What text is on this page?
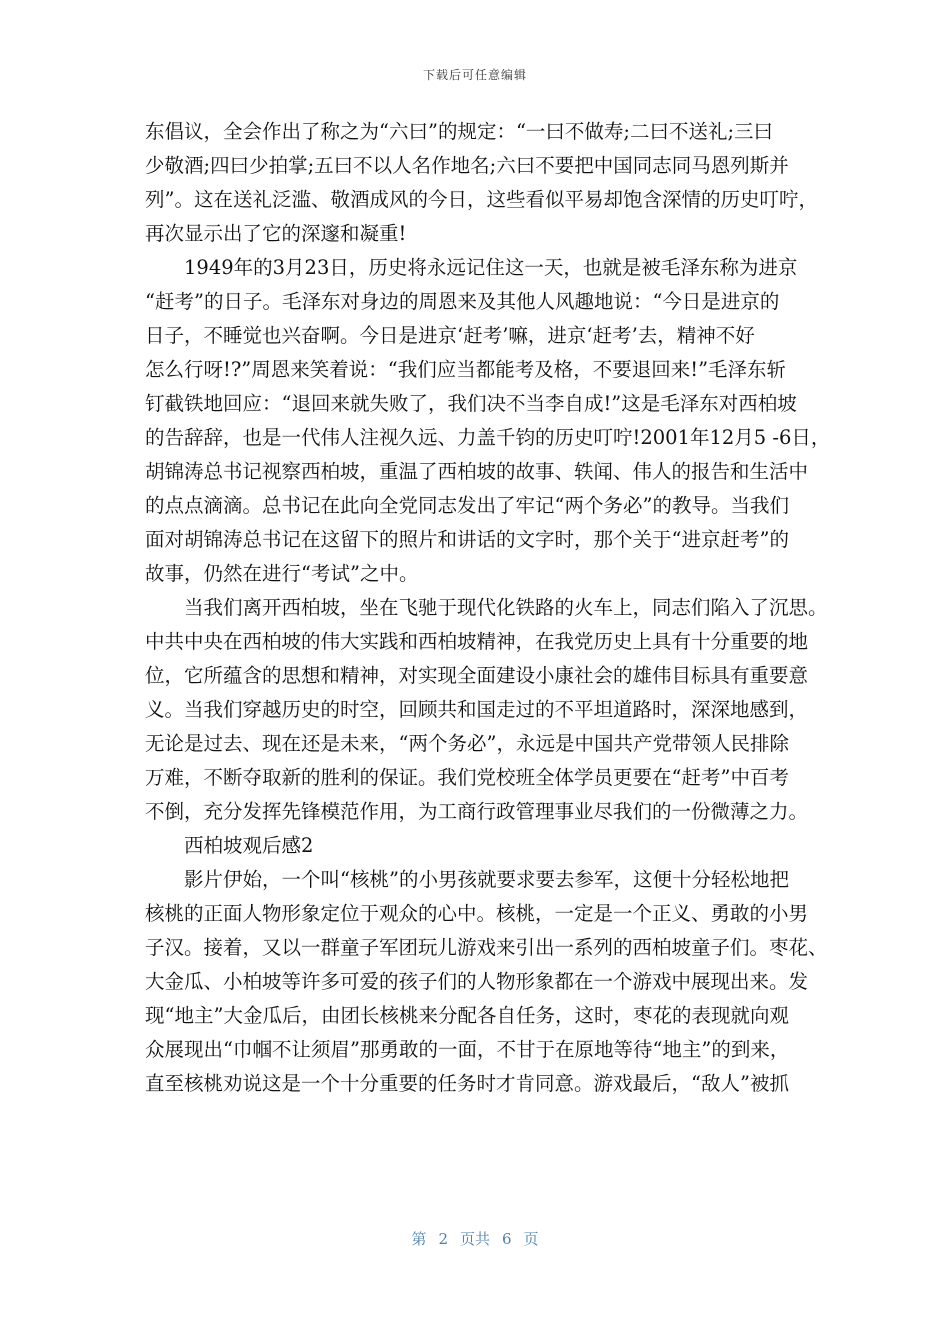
下载后可任意编辑
东倡议，全会作出了称之为“六曰”的规定：“一曰不做寿;二曰不送礼;三曰
少敬酒;四曰少拍掌;五曰不以人名作地名;六曰不要把中国同志同马恩列斯并
列”。这在送礼泛滥、敬酒成风的今日，这些看似平易却饱含深情的历史叮咛，
再次显示出了它的深邃和凝重!
　　1949年的3月23日，历史将永远记住这一天，也就是被毛泽东称为进京
“赶考”的日子。毛泽东对身边的周恩来及其他人风趣地说：“今日是进京的
日子，不睡觉也兴奋啊。今日是进京‘赶考’嘛，进京‘赶考’去，精神不好
怎么行呀!?”周恩来笑着说：“我们应当都能考及格，不要退回来!”毛泽东斩
钉截铁地回应：“退回来就失败了，我们决不当李自成!”这是毛泽东对西柏坡
的告辞辞，也是一代伟人注视久远、力盖千钧的历史叮咛!2001年12月5 -6日，
胡锦涛总书记视察西柏坡，重温了西柏坡的故事、轶闻、伟人的报告和生活中
的点点滴滴。总书记在此向全党同志发出了牢记“两个务必”的教导。当我们
面对胡锦涛总书记在这留下的照片和讲话的文字时，那个关于“进京赶考”的
故事，仍然在进行“考试”之中。
　　当我们离开西柏坡，坐在飞驰于现代化铁路的火车上，同志们陷入了沉思。
中共中央在西柏坡的伟大实践和西柏坡精神，在我党历史上具有十分重要的地
位，它所蕴含的思想和精神，对实现全面建设小康社会的雄伟目标具有重要意
义。当我们穿越历史的时空，回顾共和国走过的不平坦道路时，深深地感到，
无论是过去、现在还是未来，“两个务必”，永远是中国共产党带领人民排除
万难，不断夺取新的胜利的保证。我们党校班全体学员更要在“赶考”中百考
不倒，充分发挥先锋模范作用，为工商行政管理事业尽我们的一份微薄之力。
　　西柏坡观后感2
　　影片伊始，一个叫“核桃”的小男孩就要求要去参军，这便十分轻松地把
核桃的正面人物形象定位于观众的心中。核桃，一定是一个正义、勇敢的小男
子汉。接着，又以一群童子军团玩儿游戏来引出一系列的西柏坡童子们。枣花、
大金瓜、小柏坡等许多可爱的孩子们的人物形象都在一个游戏中展现出来。发
现“地主”大金瓜后，由团长核桃来分配各自任务，这时，枣花的表现就向观
众展现出“巾帼不让须眉”那勇敢的一面，不甘于在原地等待“地主”的到来，
直至核桃劝说这是一个十分重要的任务时才肯同意。游戏最后，“敌人”被抓
第 2 页共 6 页
